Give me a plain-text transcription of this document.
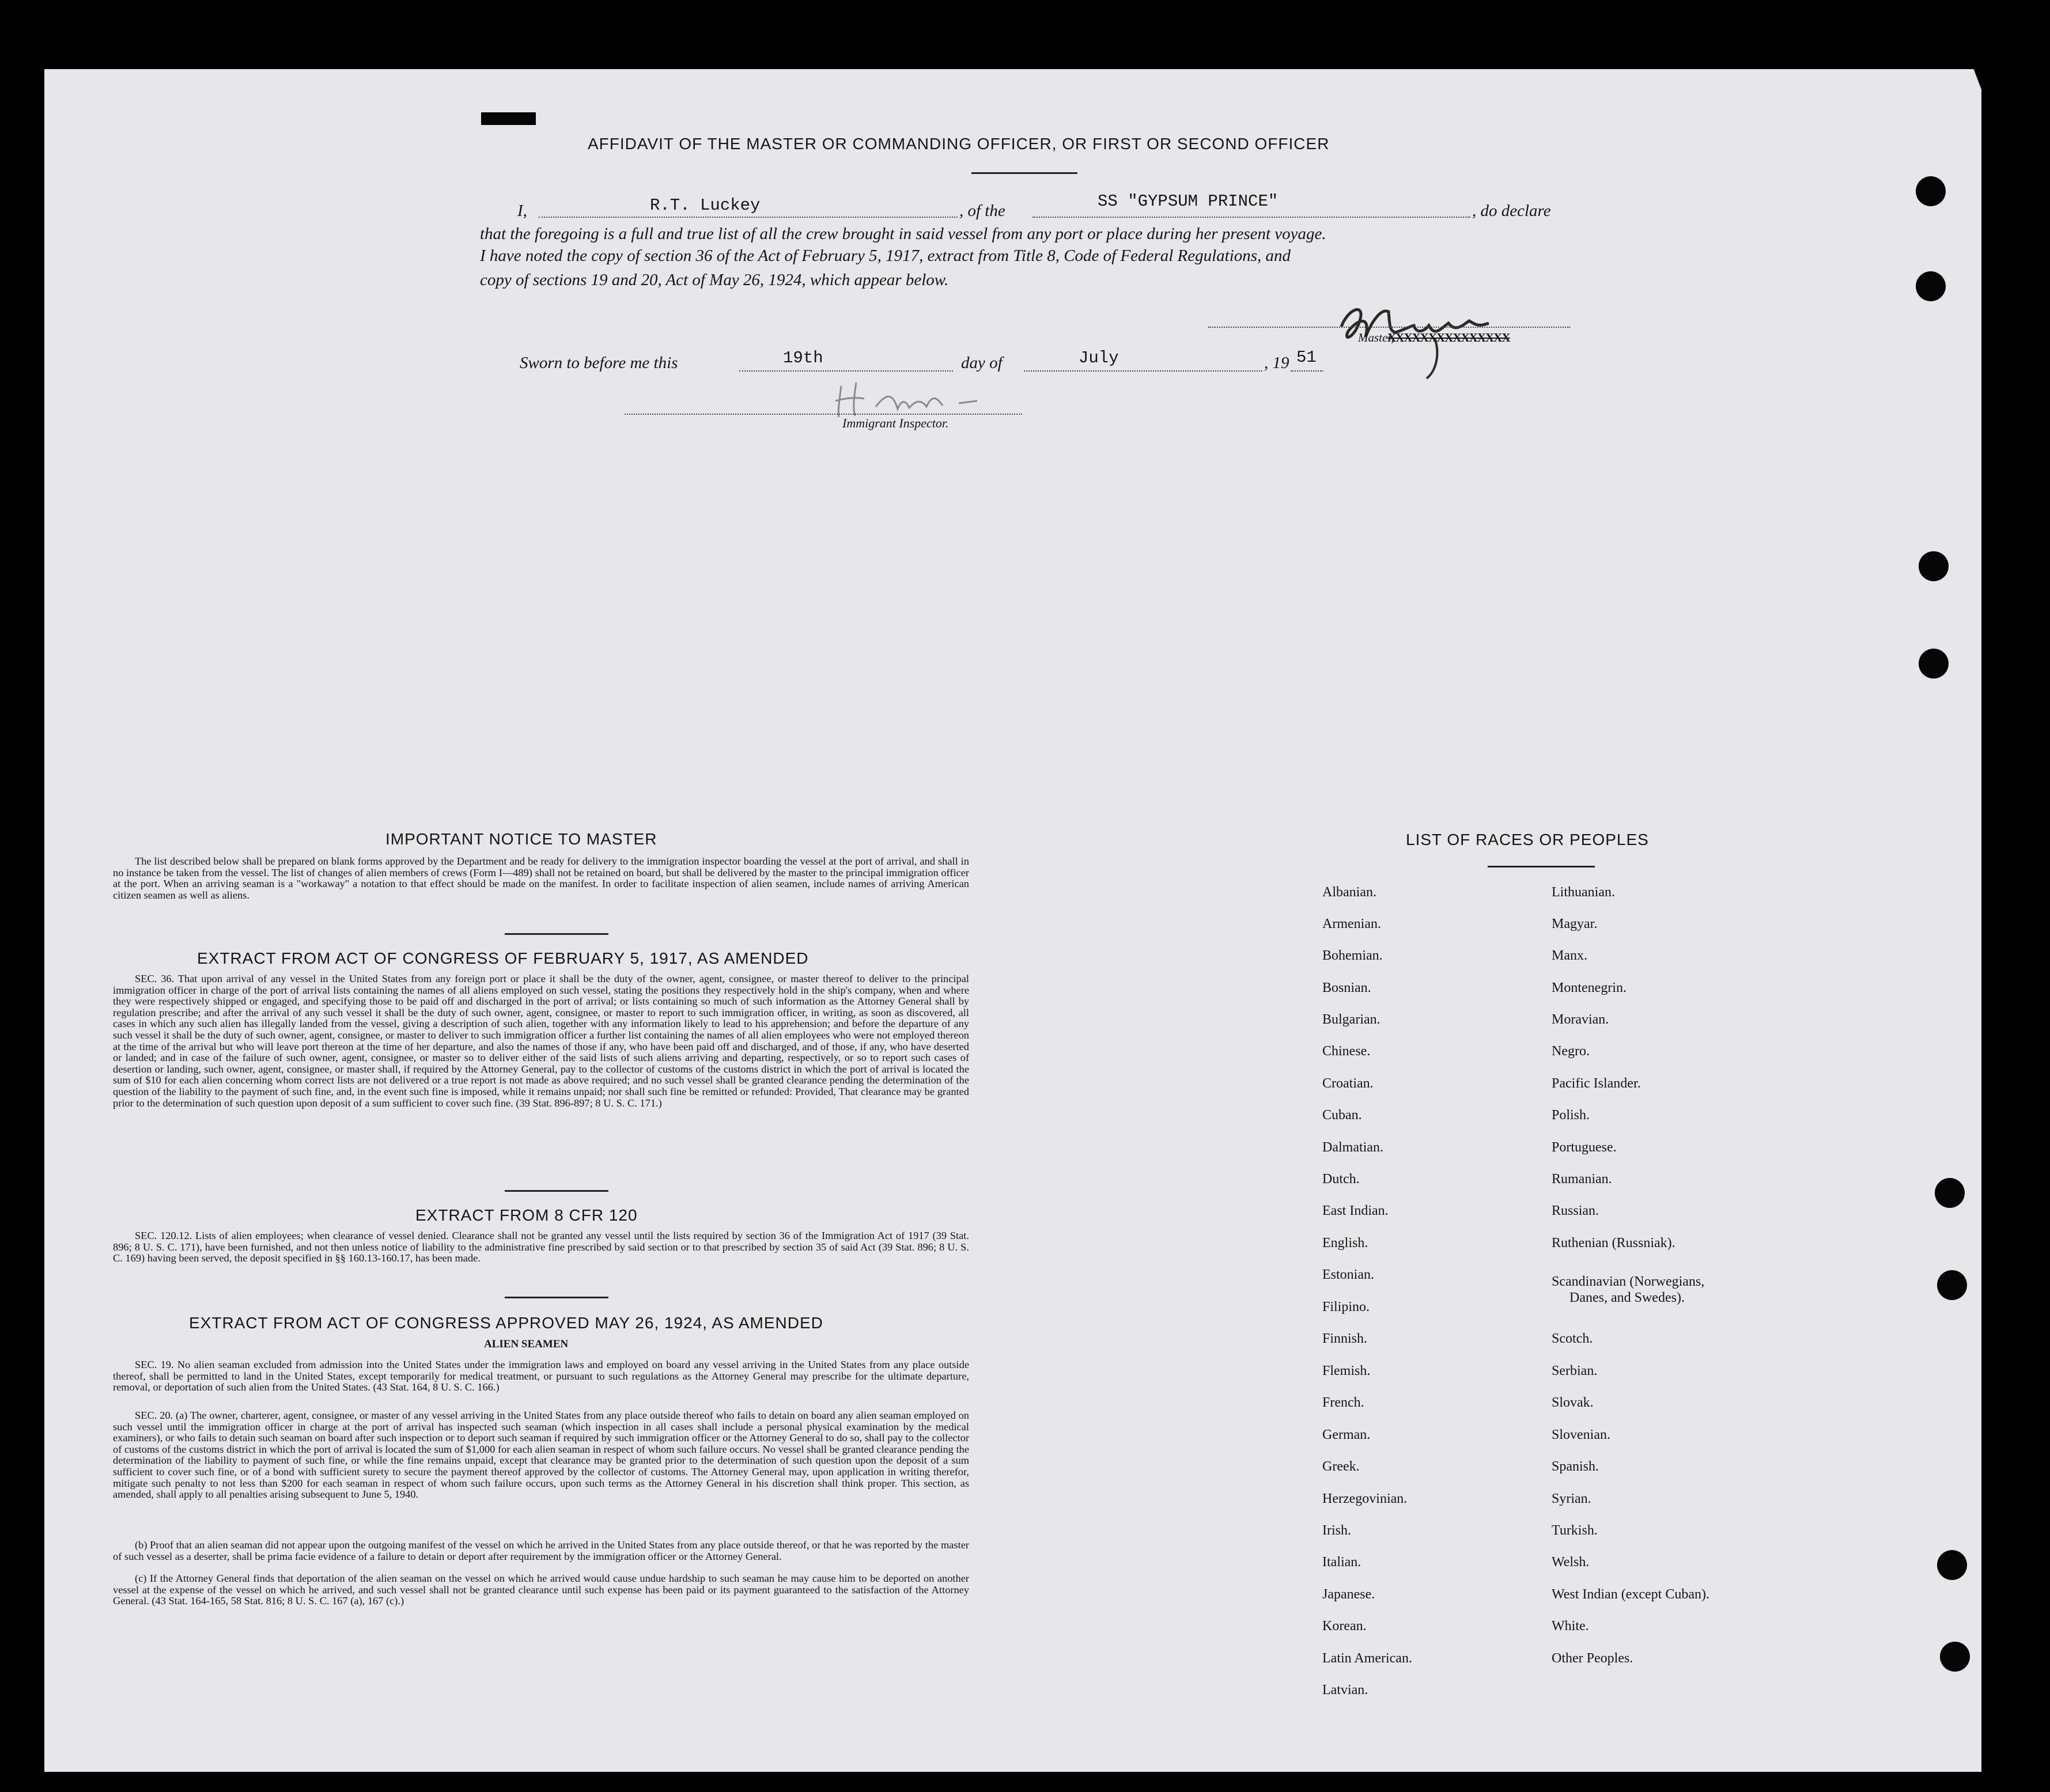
AFFIDAVIT OF THE MASTER OR COMMANDING OFFICER, OR FIRST OR SECOND OFFICER
I,	R.T. Luckey	, of the	SS "GYPSUM PRINCE"	, do declare
that the foregoing is a full and true list of all the crew brought in said vessel from any port or place during her present voyage.
I have noted the copy of section 36 of the Act of February 5, 1917, extract from Title 8, Code of Federal Regulations, and
copy of sections 19 and 20, Act of May 26, 1924, which appear below.
Master,
XXXXXXXXXXXXXXX
Sworn to before me this	19th	day of	July	, 19 51
Immigrant Inspector.
IMPORTANT NOTICE TO MASTER

The list described below shall be prepared on blank forms approved by the Department and be ready for delivery to the immigration inspector boarding the vessel at the port of arrival, and shall in no instance be taken from the vessel. The list of changes of alien members of crews (Form I—489) shall not be retained on board, but shall be delivered by the master to the principal immigration officer at the port. When an arriving seaman is a "workaway" a notation to that effect should be made on the manifest. In order to facilitate inspection of alien seamen, include names of arriving American citizen seamen as well as aliens.

EXTRACT FROM ACT OF CONGRESS OF FEBRUARY 5, 1917, AS AMENDED

SEC. 36. That upon arrival of any vessel in the United States from any foreign port or place it shall be the duty of the owner, agent, consignee, or master thereof to deliver to the principal immigration officer in charge of the port of arrival lists containing the names of all aliens employed on such vessel, stating the positions they respectively hold in the ship's company, when and where they were respectively shipped or engaged, and specifying those to be paid off and discharged in the port of arrival; or lists containing so much of such information as the Attorney General shall by regulation prescribe; and after the arrival of any such vessel it shall be the duty of such owner, agent, consignee, or master to report to such immigration officer, in writing, as soon as discovered, all cases in which any such alien has illegally landed from the vessel, giving a description of such alien, together with any information likely to lead to his apprehension; and before the departure of any such vessel it shall be the duty of such owner, agent, consignee, or master to deliver to such immigration officer a further list containing the names of all alien employees who were not employed thereon at the time of the arrival but who will leave port thereon at the time of her departure, and also the names of those if any, who have been paid off and discharged, and of those, if any, who have deserted or landed; and in case of the failure of such owner, agent, consignee, or master so to deliver either of the said lists of such aliens arriving and departing, respectively, or so to report such cases of desertion or landing, such owner, agent, consignee, or master shall, if required by the Attorney General, pay to the collector of customs of the customs district in which the port of arrival is located the sum of $10 for each alien concerning whom correct lists are not delivered or a true report is not made as above required; and no such vessel shall be granted clearance pending the determination of the question of the liability to the payment of such fine, and, in the event such fine is imposed, while it remains unpaid; nor shall such fine be remitted or refunded: Provided, That clearance may be granted prior to the determination of such question upon deposit of a sum sufficient to cover such fine. (39 Stat. 896-897; 8 U. S. C. 171.)

EXTRACT FROM 8 CFR 120

SEC. 120.12. Lists of alien employees; when clearance of vessel denied. Clearance shall not be granted any vessel until the lists required by section 36 of the Immigration Act of 1917 (39 Stat. 896; 8 U. S. C. 171), have been furnished, and not then unless notice of liability to the administrative fine prescribed by said section or to that prescribed by section 35 of said Act (39 Stat. 896; 8 U. S. C. 169) having been served, the deposit specified in §§ 160.13-160.17, has been made.

EXTRACT FROM ACT OF CONGRESS APPROVED MAY 26, 1924, AS AMENDED
ALIEN SEAMEN

SEC. 19. No alien seaman excluded from admission into the United States under the immigration laws and employed on board any vessel arriving in the United States from any place outside thereof, shall be permitted to land in the United States, except temporarily for medical treatment, or pursuant to such regulations as the Attorney General may prescribe for the ultimate departure, removal, or deportation of such alien from the United States. (43 Stat. 164, 8 U. S. C. 166.)

SEC. 20. (a) The owner, charterer, agent, consignee, or master of any vessel arriving in the United States from any place outside thereof who fails to detain on board any alien seaman employed on such vessel until the immigration officer in charge at the port of arrival has inspected such seaman (which inspection in all cases shall include a personal physical examination by the medical examiners), or who fails to detain such seaman on board after such inspection or to deport such seaman if required by such immigration officer or the Attorney General to do so, shall pay to the collector of customs of the customs district in which the port of arrival is located the sum of $1,000 for each alien seaman in respect of whom such failure occurs. No vessel shall be granted clearance pending the determination of the liability to payment of such fine, or while the fine remains unpaid, except that clearance may be granted prior to the determination of such question upon the deposit of a sum sufficient to cover such fine, or of a bond with sufficient surety to secure the payment thereof approved by the collector of customs. The Attorney General may, upon application in writing therefor, mitigate such penalty to not less than $200 for each seaman in respect of whom such failure occurs, upon such terms as the Attorney General in his discretion shall think proper. This section, as amended, shall apply to all penalties arising subsequent to June 5, 1940.

(b) Proof that an alien seaman did not appear upon the outgoing manifest of the vessel on which he arrived in the United States from any place outside thereof, or that he was reported by the master of such vessel as a deserter, shall be prima facie evidence of a failure to detain or deport after requirement by the immigration officer or the Attorney General.

(c) If the Attorney General finds that deportation of the alien seaman on the vessel on which he arrived would cause undue hardship to such seaman he may cause him to be deported on another vessel at the expense of the vessel on which he arrived, and such vessel shall not be granted clearance until such expense has been paid or its payment guaranteed to the satisfaction of the Attorney General. (43 Stat. 164-165, 58 Stat. 816; 8 U. S. C. 167 (a), 167 (c).)

LIST OF RACES OR PEOPLES
Albanian.
Armenian.
Bohemian.
Bosnian.
Bulgarian.
Chinese.
Croatian.
Cuban.
Dalmatian.
Dutch.
East Indian.
English.
Estonian.
Filipino.
Finnish.
Flemish.
French.
German.
Greek.
Herzegovinian.
Irish.
Italian.
Japanese.
Korean.
Latin American.
Latvian.
Lithuanian.
Magyar.
Manx.
Montenegrin.
Moravian.
Negro.
Pacific Islander.
Polish.
Portuguese.
Rumanian.
Russian.
Ruthenian (Russniak).
Scandinavian (Norwegians,
Danes, and Swedes).
Scotch.
Serbian.
Slovak.
Slovenian.
Spanish.
Syrian.
Turkish.
Welsh.
West Indian (except Cuban).
White.
Other Peoples.
